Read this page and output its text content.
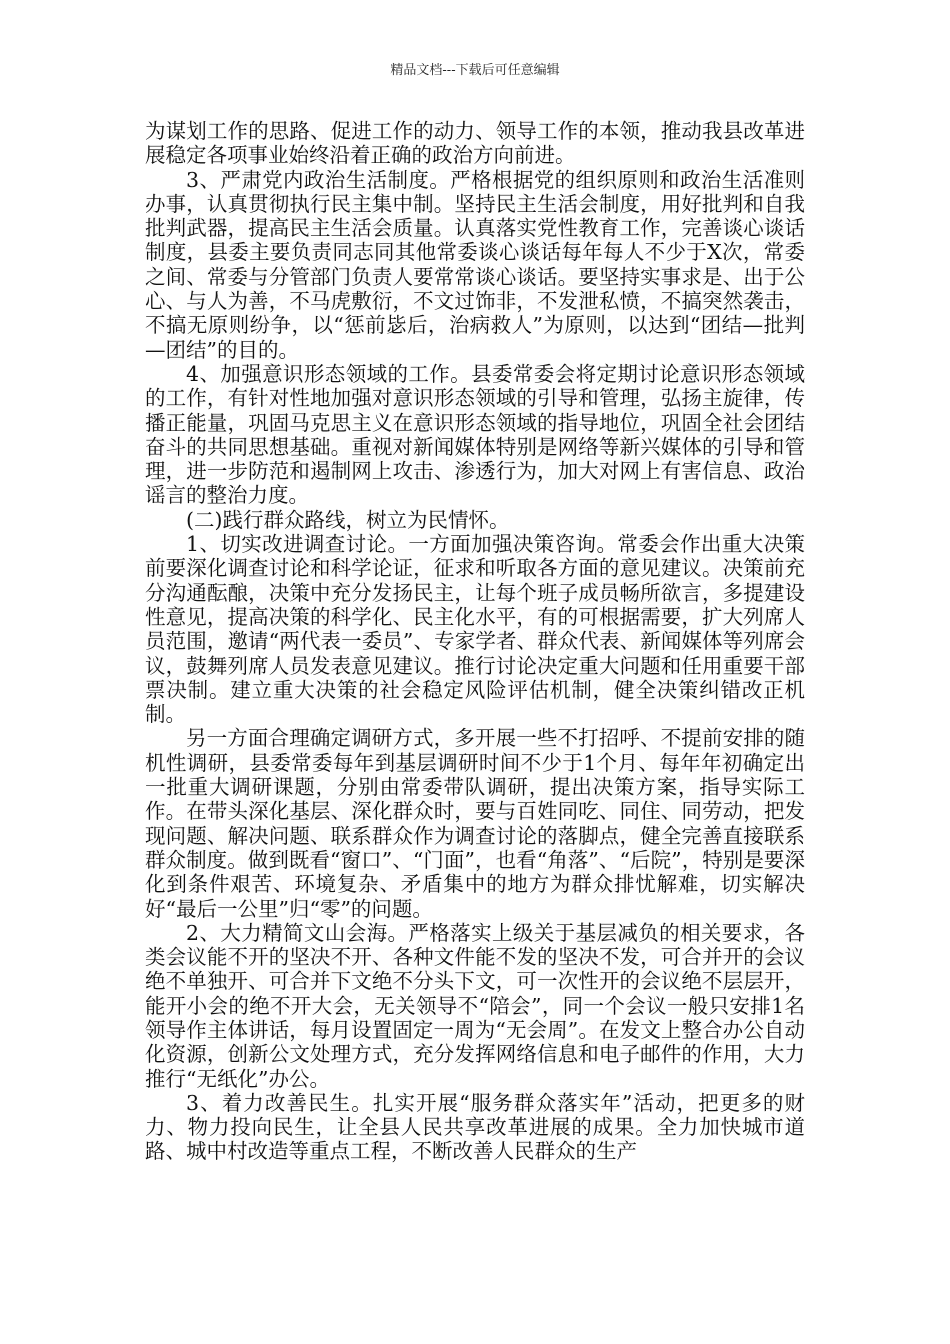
精品文档---下载后可任意编辑

为谋划工作的思路、促进工作的动力、领导工作的本领，推动我县改革进展稳定各项事业始终沿着正确的政治方向前进。

3、严肃党内政治生活制度。严格根据党的组织原则和政治生活准则办事，认真贯彻执行民主集中制。坚持民主生活会制度，用好批判和自我批判武器，提高民主生活会质量。认真落实党性教育工作，完善谈心谈话制度，县委主要负责同志同其他常委谈心谈话每年每人不少于X次，常委之间、常委与分管部门负责人要常常谈心谈话。要坚持实事求是、出于公心、与人为善，不马虎敷衍，不文过饰非，不发泄私愤，不搞突然袭击，不搞无原则纷争，以“惩前毖后，治病救人”为原则，以达到“团结—批判—团结”的目的。

4、加强意识形态领域的工作。县委常委会将定期讨论意识形态领域的工作，有针对性地加强对意识形态领域的引导和管理，弘扬主旋律，传播正能量，巩固马克思主义在意识形态领域的指导地位，巩固全社会团结奋斗的共同思想基础。重视对新闻媒体特别是网络等新兴媒体的引导和管理，进一步防范和遏制网上攻击、渗透行为，加大对网上有害信息、政治谣言的整治力度。

(二)践行群众路线，树立为民情怀。

1、切实改进调查讨论。一方面加强决策咨询。常委会作出重大决策前要深化调查讨论和科学论证，征求和听取各方面的意见建议。决策前充分沟通酝酿，决策中充分发扬民主，让每个班子成员畅所欲言，多提建设性意见，提高决策的科学化、民主化水平，有的可根据需要，扩大列席人员范围，邀请“两代表一委员”、专家学者、群众代表、新闻媒体等列席会议，鼓舞列席人员发表意见建议。推行讨论决定重大问题和任用重要干部票决制。建立重大决策的社会稳定风险评估机制，健全决策纠错改正机制。

另一方面合理确定调研方式，多开展一些不打招呼、不提前安排的随机性调研，县委常委每年到基层调研时间不少于1个月、每年年初确定出一批重大调研课题，分别由常委带队调研，提出决策方案，指导实际工作。在带头深化基层、深化群众时，要与百姓同吃、同住、同劳动，把发现问题、解决问题、联系群众作为调查讨论的落脚点，健全完善直接联系群众制度。做到既看“窗口”、“门面”，也看“角落”、“后院”，特别是要深化到条件艰苦、环境复杂、矛盾集中的地方为群众排忧解难，切实解决好“最后一公里”归“零”的问题。

2、大力精简文山会海。严格落实上级关于基层减负的相关要求，各类会议能不开的坚决不开、各种文件能不发的坚决不发，可合并开的会议绝不单独开、可合并下文绝不分头下文，可一次性开的会议绝不层层开，能开小会的绝不开大会，无关领导不“陪会”，同一个会议一般只安排1名领导作主体讲话，每月设置固定一周为“无会周”。在发文上整合办公自动化资源，创新公文处理方式，充分发挥网络信息和电子邮件的作用，大力推行“无纸化”办公。

3、着力改善民生。扎实开展“服务群众落实年”活动，把更多的财力、物力投向民生，让全县人民共享改革进展的成果。全力加快城市道路、城中村改造等重点工程，不断改善人民群众的生产
